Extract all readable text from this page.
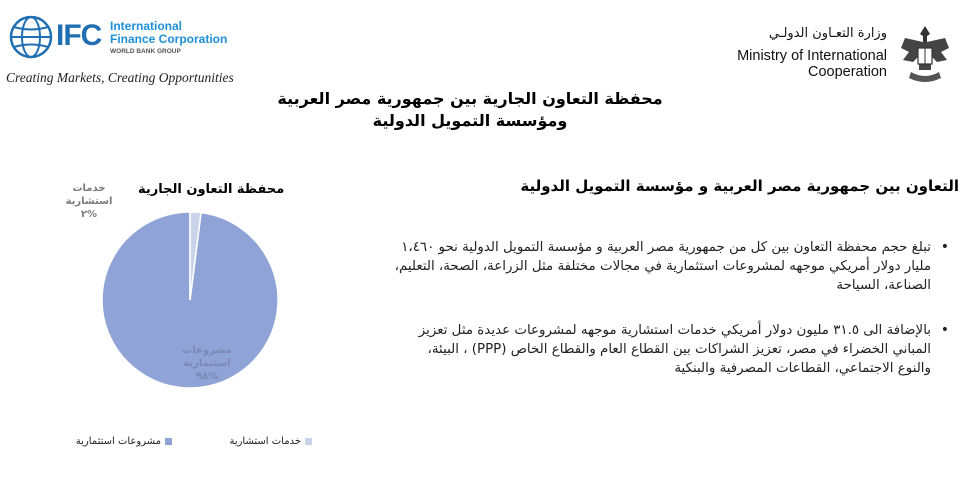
IFC International
Finance Corporation
WORLD BANK GROUP
Creating Markets, Creating Opportunities
وزارة التعـاون الدولـي
Ministry of International
Cooperation
محفظة التعاون الجارية بين جمهورية مصر العربية
ومؤسسة التمويل الدولية
التعاون بين جمهورية مصر العربية و مؤسسة التمويل الدولية
• تبلغ حجم محفظة التعاون بين كل من جمهورية مصر العربية و مؤسسة التمويل الدولية نحو ١،٤٦٠ مليار دولار أمريكي موجهه لمشروعات استثمارية في مجالات مختلفة مثل الزراعة، الصحة، التعليم، الصناعة، السياحة
• بالإضافة الى ٣١.٥ مليون دولار أمريكي خدمات استشارية موجهه لمشروعات عديدة مثل تعزيز المباني الخضراء في مصر، تعزيز الشراكات بين القطاع العام والقطاع الخاص (PPP) ، البيئة، والنوع الاجتماعي، القطاعات المصرفية والبنكية
محفظة التعاون الجارية
خدمات
استشارية
%٢
مشروعات
استثمارية
%٩٨
مشروعات استثمارية	خدمات استشارية
